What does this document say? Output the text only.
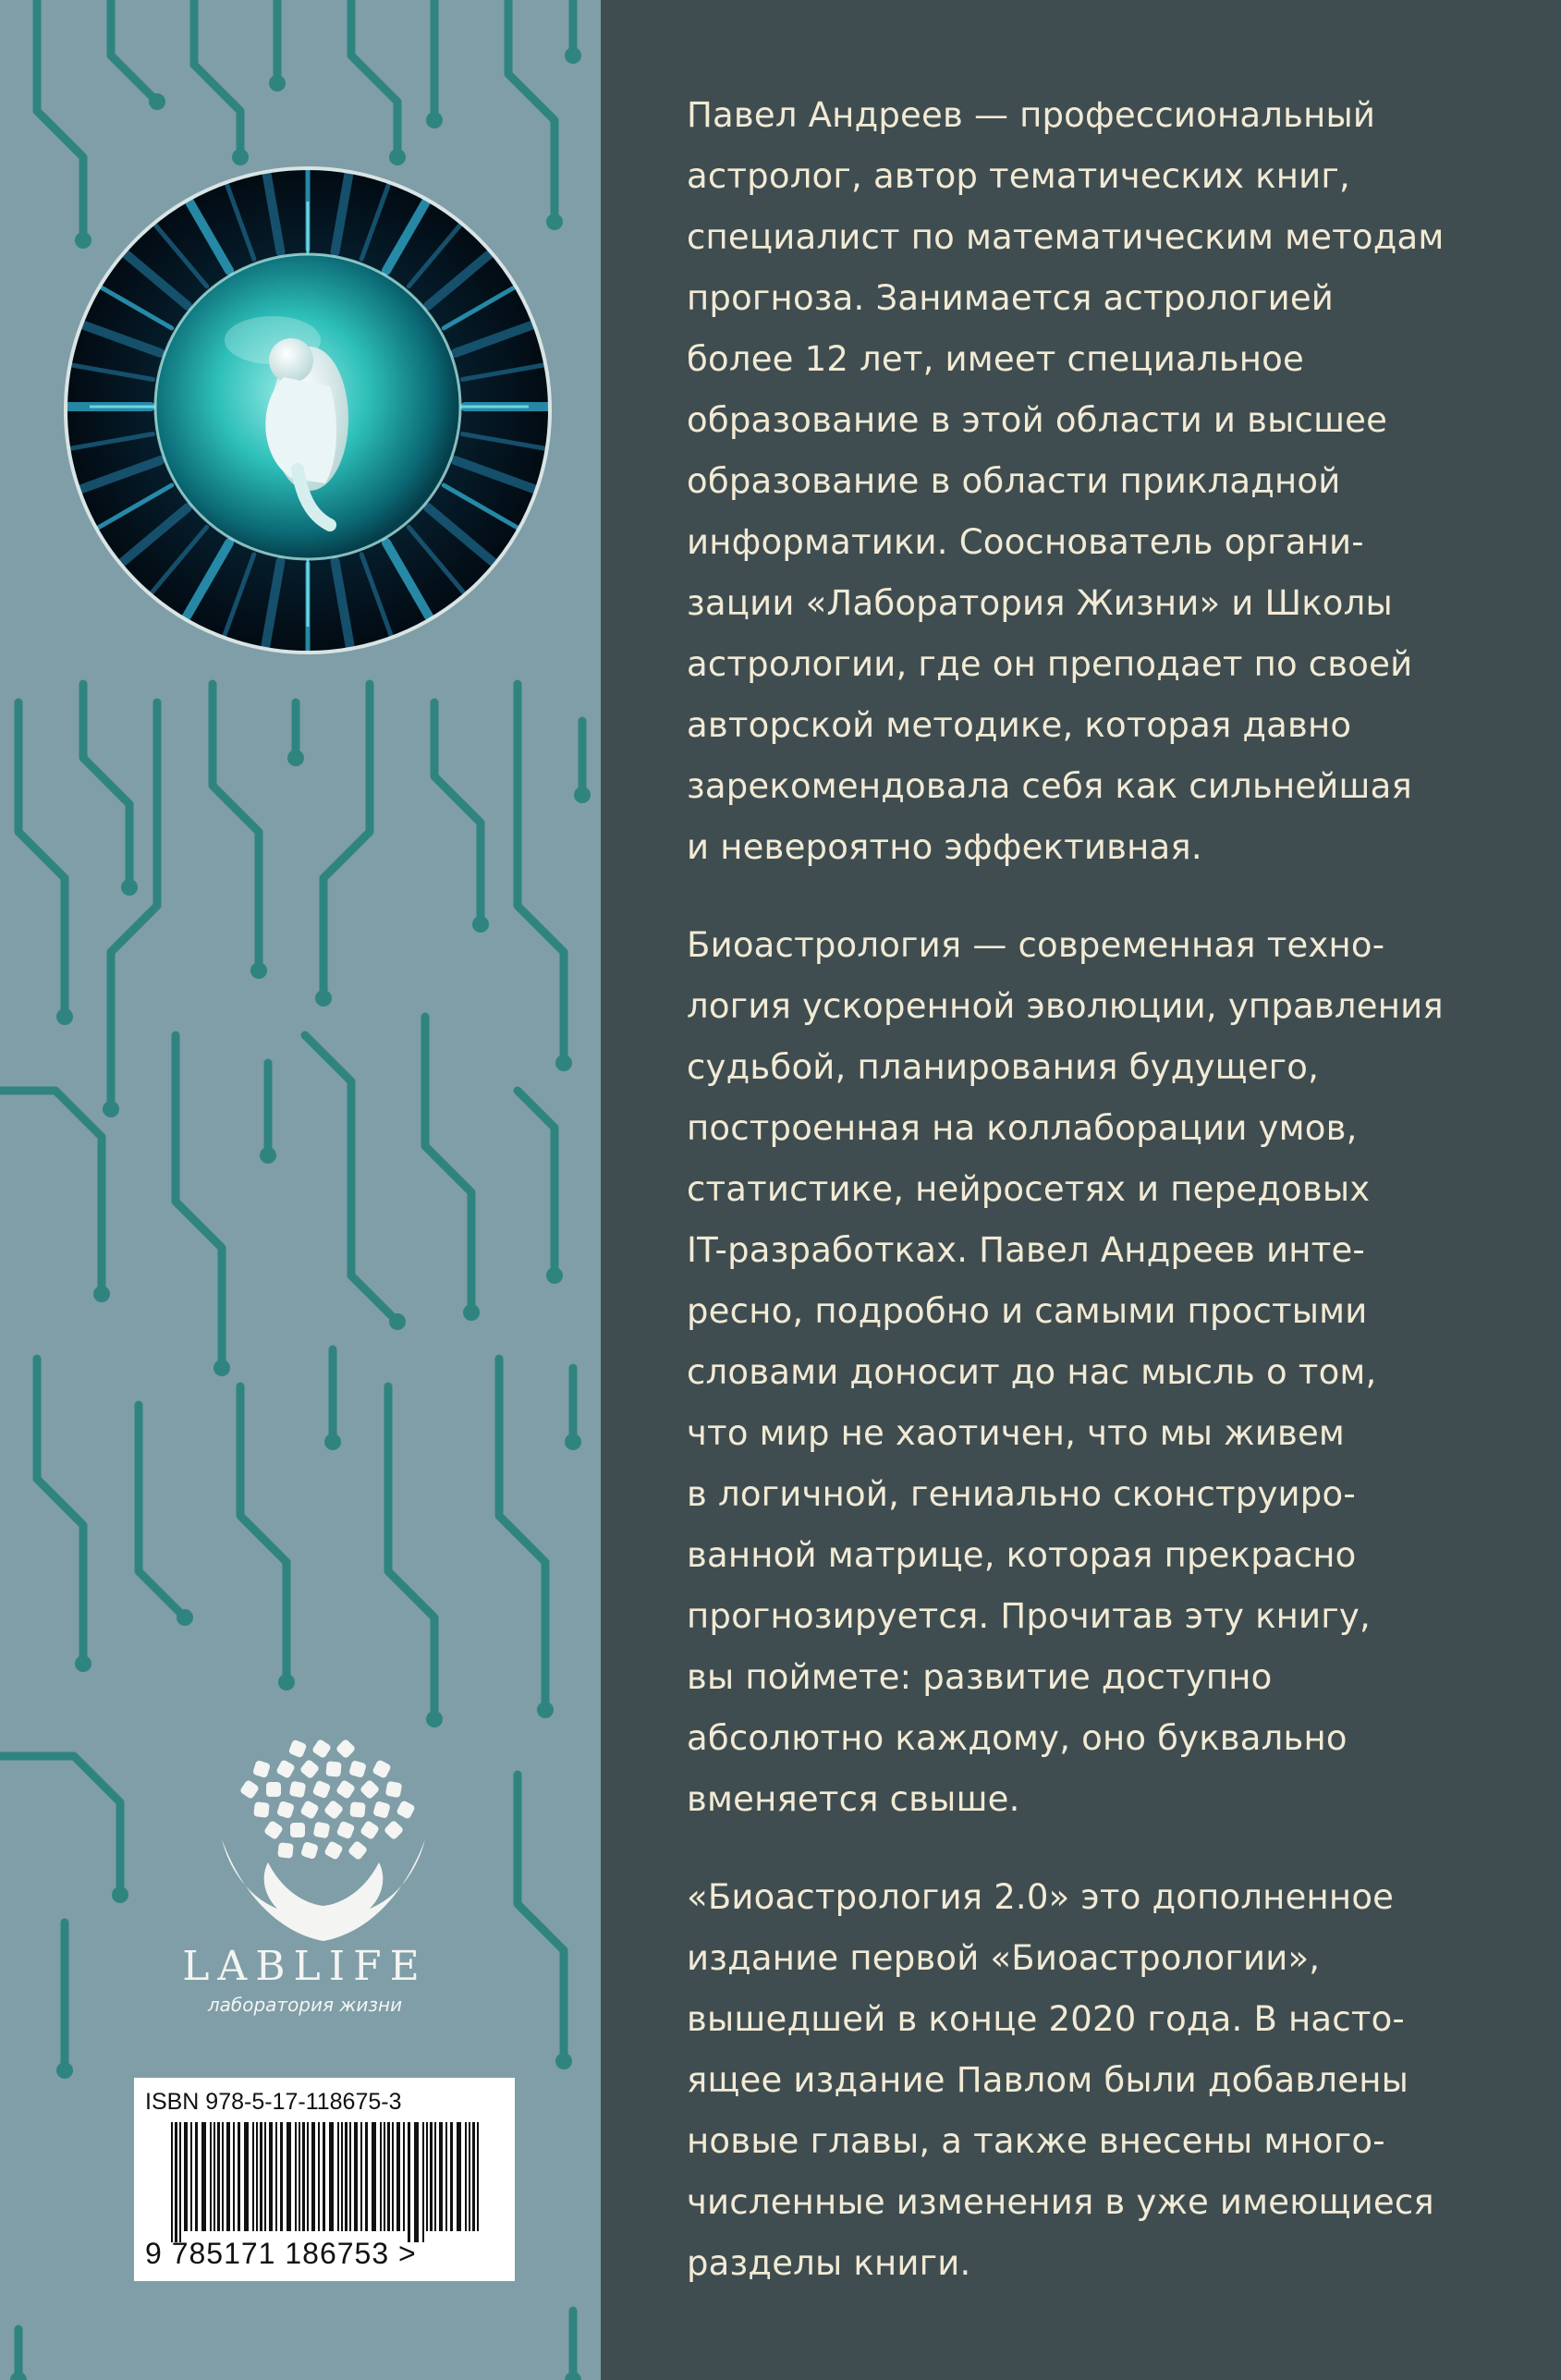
LABLIFE
лаборатория жизни
ISBN 978-5-17-118675-3
9 785171 186753 >

Павел Андреев — профессиональный
астролог, автор тематических книг,
специалист по математическим методам
прогноза. Занимается астрологией
более 12 лет, имеет специальное
образование в этой области и высшее
образование в области прикладной
информатики. Сооснователь органи-
зации «Лаборатория Жизни» и Школы
астрологии, где он преподает по своей
авторской методике, которая давно
зарекомендовала себя как сильнейшая
и невероятно эффективная.

Биоастрология — современная техно-
логия ускоренной эволюции, управления
судьбой, планирования будущего,
построенная на коллаборации умов,
статистике, нейросетях и передовых
IT-разработках. Павел Андреев инте-
ресно, подробно и самыми простыми
словами доносит до нас мысль о том,
что мир не хаотичен, что мы живем
в логичной, гениально сконструиро-
ванной матрице, которая прекрасно
прогнозируется. Прочитав эту книгу,
вы поймете: развитие доступно
абсолютно каждому, оно буквально
вменяется свыше.

«Биоастрология 2.0» это дополненное
издание первой «Биоастрологии»,
вышедшей в конце 2020 года. В насто-
ящее издание Павлом были добавлены
новые главы, а также внесены много-
численные изменения в уже имеющиеся
разделы книги.
